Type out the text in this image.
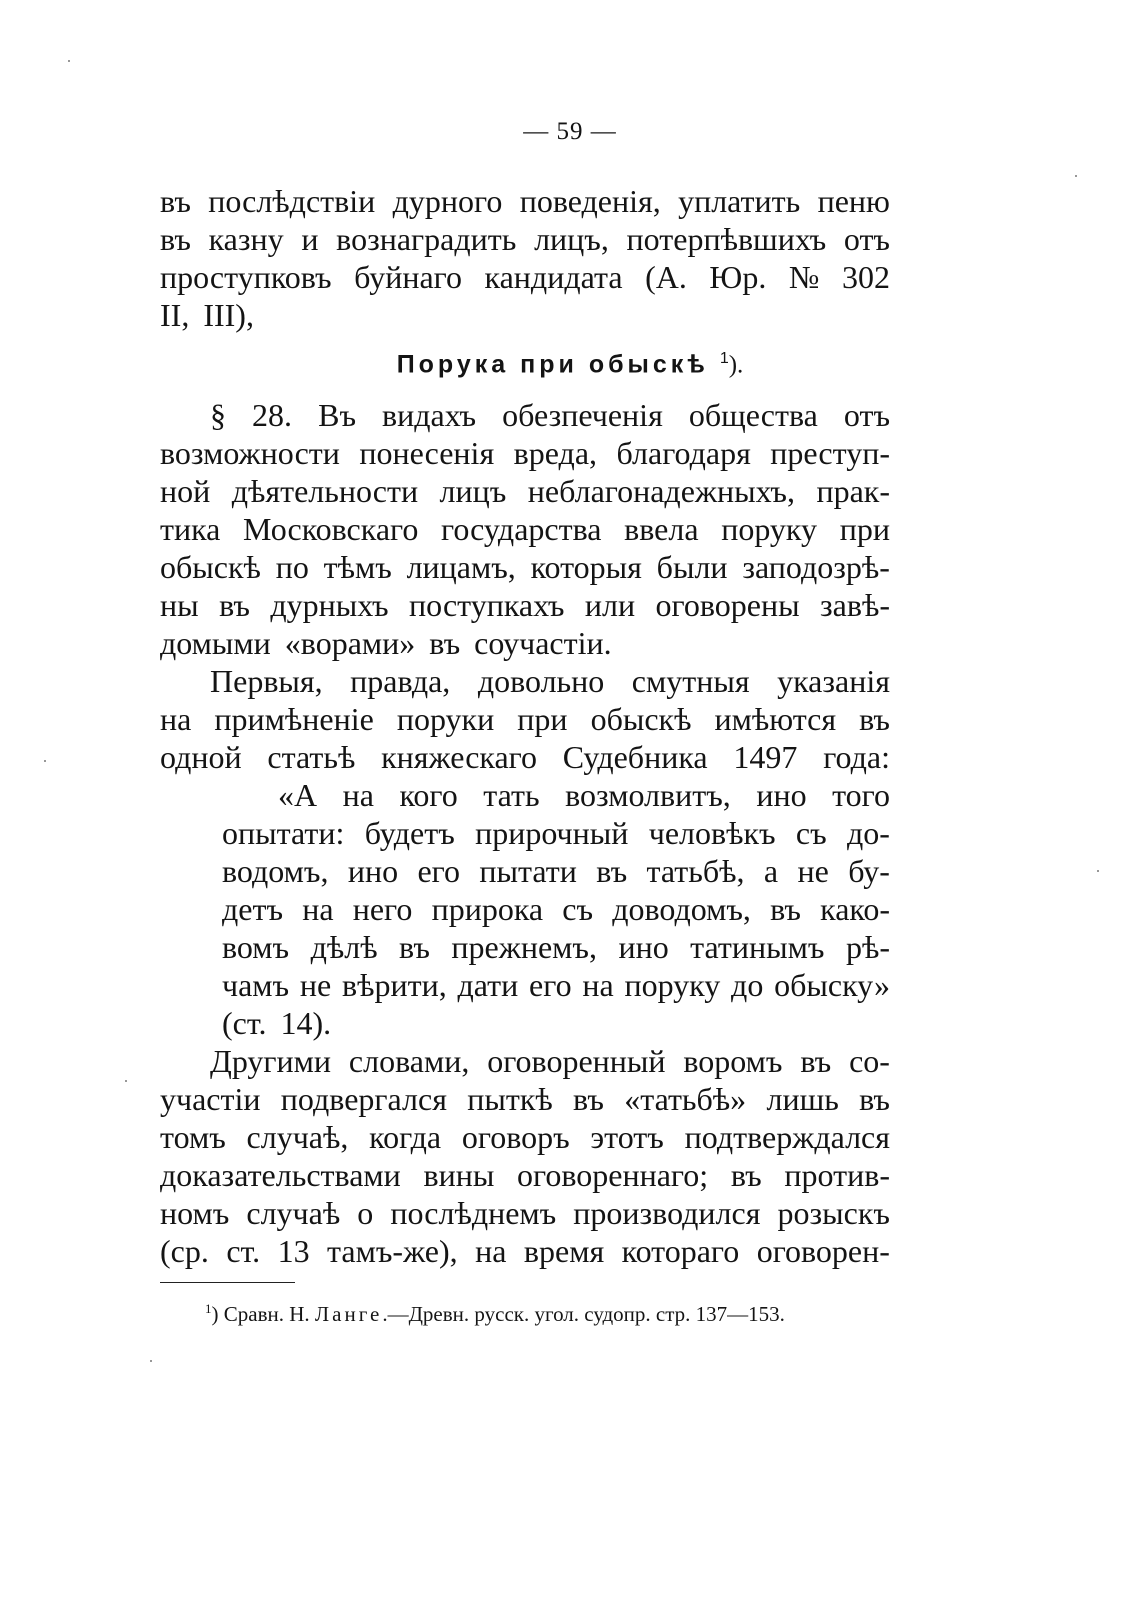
— 59 —
въ послѣдствіи дурного поведенія, уплатить пеню
въ казну и вознаградить лицъ, потерпѣвшихъ отъ
проступковъ буйнаго кандидата (А. Юр. № 302
II, III),
Порука при обыскѣ $^1$).
§ 28. Въ видахъ обезпеченія общества отъ
возможности понесенія вреда, благодаря преступ-
ной дѣятельности лицъ неблагонадежныхъ, прак-
тика Московскаго государства ввела поруку при
обыскѣ по тѣмъ лицамъ, которыя были заподозрѣ-
ны въ дурныхъ поступкахъ или оговорены завѣ-
домыми «ворами» въ соучастіи.
Первыя, правда, довольно смутныя указанія
на примѣненіе поруки при обыскѣ имѣются въ
одной статьѣ княжескаго Судебника 1497 года:
«А на кого тать возмолвитъ, ино того
опытати: будетъ прирочный человѣкъ съ до-
водомъ, ино его пытати въ татьбѣ, а не бу-
детъ на него прирока съ доводомъ, въ како-
вомъ дѣлѣ въ прежнемъ, ино татинымъ рѣ-
чамъ не вѣрити, дати его на поруку до обыску»
(ст. 14).
Другими словами, оговоренный воромъ въ со-
участіи подвергался пыткѣ въ «татьбѣ» лишь въ
томъ случаѣ, когда оговоръ этотъ подтверждался
доказательствами вины оговореннаго; въ против-
номъ случаѣ о послѣднемъ производился розыскъ
(ср. ст. 13 тамъ-же), на время котораго оговорен-
$^1$) Сравн. Н. Ланге.—Древн. русск. угол. судопр. стр. 137—153.
